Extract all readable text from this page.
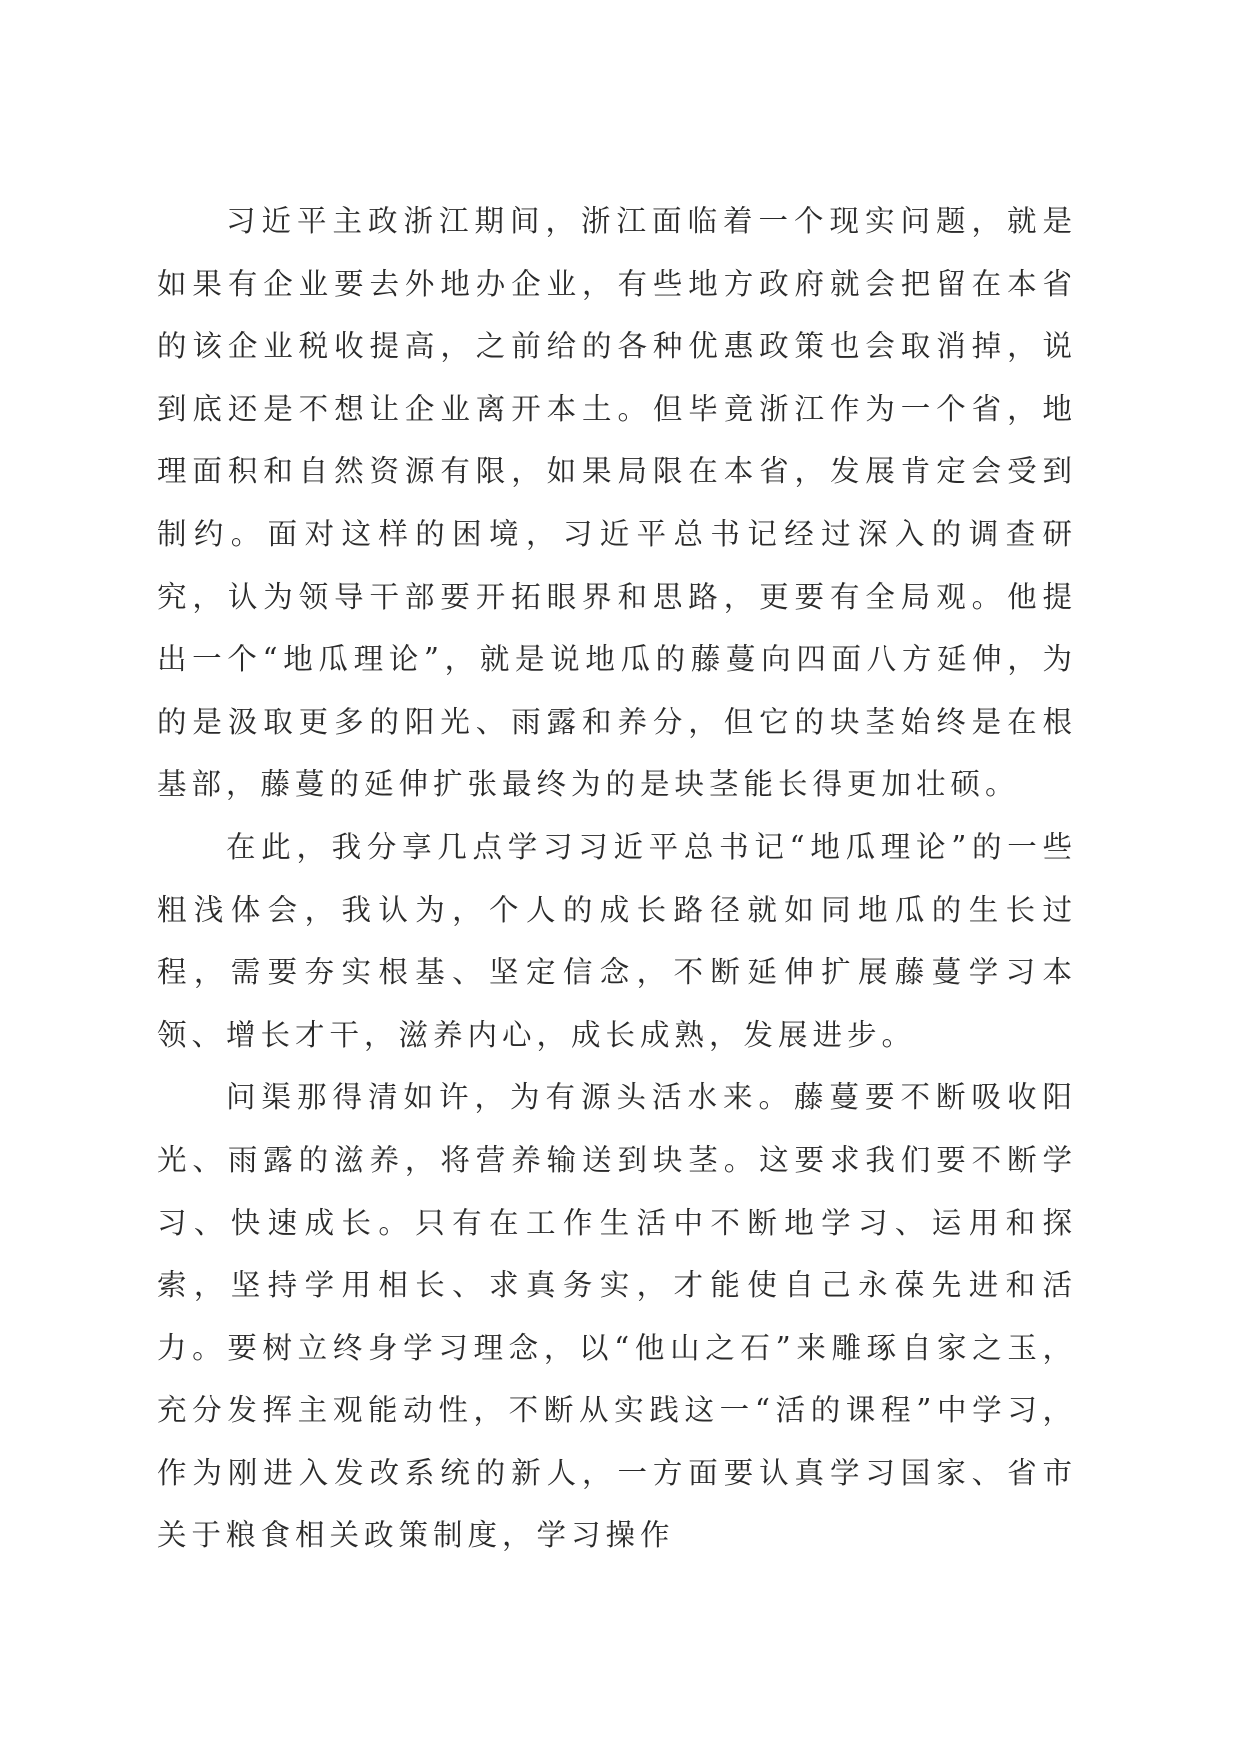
习近平主政浙江期间，浙江面临着一个现实问题，就是如果有企业要去外地办企业，有些地方政府就会把留在本省的该企业税收提高，之前给的各种优惠政策也会取消掉，说到底还是不想让企业离开本土。但毕竟浙江作为一个省，地理面积和自然资源有限，如果局限在本省，发展肯定会受到制约。面对这样的困境，习近平总书记经过深入的调查研究，认为领导干部要开拓眼界和思路，更要有全局观。他提出一个“地瓜理论”，就是说地瓜的藤蔓向四面八方延伸，为的是汲取更多的阳光、雨露和养分，但它的块茎始终是在根基部，藤蔓的延伸扩张最终为的是块茎能长得更加壮硕。

在此，我分享几点学习习近平总书记“地瓜理论”的一些粗浅体会，我认为，个人的成长路径就如同地瓜的生长过程，需要夯实根基、坚定信念，不断延伸扩展藤蔓学习本领、增长才干，滋养内心，成长成熟，发展进步。

问渠那得清如许，为有源头活水来。藤蔓要不断吸收阳光、雨露的滋养，将营养输送到块茎。这要求我们要不断学习、快速成长。只有在工作生活中不断地学习、运用和探索，坚持学用相长、求真务实，才能使自己永葆先进和活力。要树立终身学习理念，以“他山之石”来雕琢自家之玉，充分发挥主观能动性，不断从实践这一“活的课程”中学习，作为刚进入发改系统的新人，一方面要认真学习国家、省市关于粮食相关政策制度，学习操作
